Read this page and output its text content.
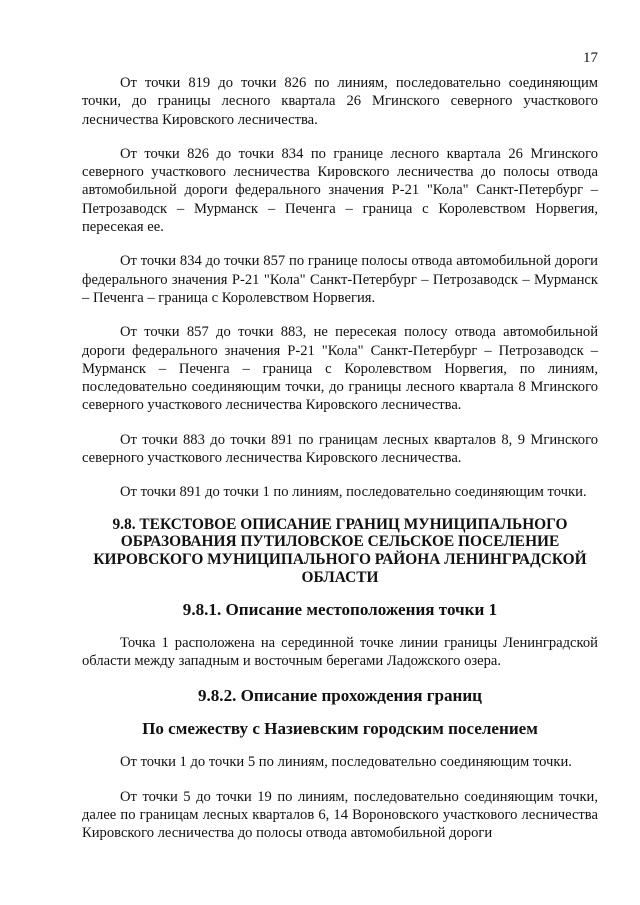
17

От точки 819 до точки 826 по линиям, последовательно соединяющим точки, до границы лесного квартала 26 Мгинского северного участкового лесничества Кировского лесничества.

От точки 826 до точки 834 по границе лесного квартала 26 Мгинского северного участкового лесничества Кировского лесничества до полосы отвода автомобильной дороги федерального значения Р-21 "Кола" Санкт-Петербург – Петрозаводск – Мурманск – Печенга – граница с Королевством Норвегия, пересекая ее.

От точки 834 до точки 857 по границе полосы отвода автомобильной дороги федерального значения Р-21 "Кола" Санкт-Петербург – Петрозаводск – Мурманск – Печенга – граница с Королевством Норвегия.

От точки 857 до точки 883, не пересекая полосу отвода автомобильной дороги федерального значения Р-21 "Кола" Санкт-Петербург – Петрозаводск – Мурманск – Печенга – граница с Королевством Норвегия, по линиям, последовательно соединяющим точки, до границы лесного квартала 8 Мгинского северного участкового лесничества Кировского лесничества.

От точки 883 до точки 891 по границам лесных кварталов 8, 9 Мгинского северного участкового лесничества Кировского лесничества.

От точки 891 до точки 1 по линиям, последовательно соединяющим точки.

9.8. ТЕКСТОВОЕ ОПИСАНИЕ ГРАНИЦ МУНИЦИПАЛЬНОГО ОБРАЗОВАНИЯ ПУТИЛОВСКОЕ СЕЛЬСКОЕ ПОСЕЛЕНИЕ КИРОВСКОГО МУНИЦИПАЛЬНОГО РАЙОНА ЛЕНИНГРАДСКОЙ ОБЛАСТИ
9.8.1. Описание местоположения точки 1

Точка 1 расположена на серединной точке линии границы Ленинградской области между западным и восточным берегами Ладожского озера.

9.8.2. Описание прохождения границ
По смежеству с Назиевским городским поселением

От точки 1 до точки 5 по линиям, последовательно соединяющим точки.

От точки 5 до точки 19 по линиям, последовательно соединяющим точки, далее по границам лесных кварталов 6, 14 Вороновского участкового лесничества Кировского лесничества до полосы отвода автомобильной дороги
